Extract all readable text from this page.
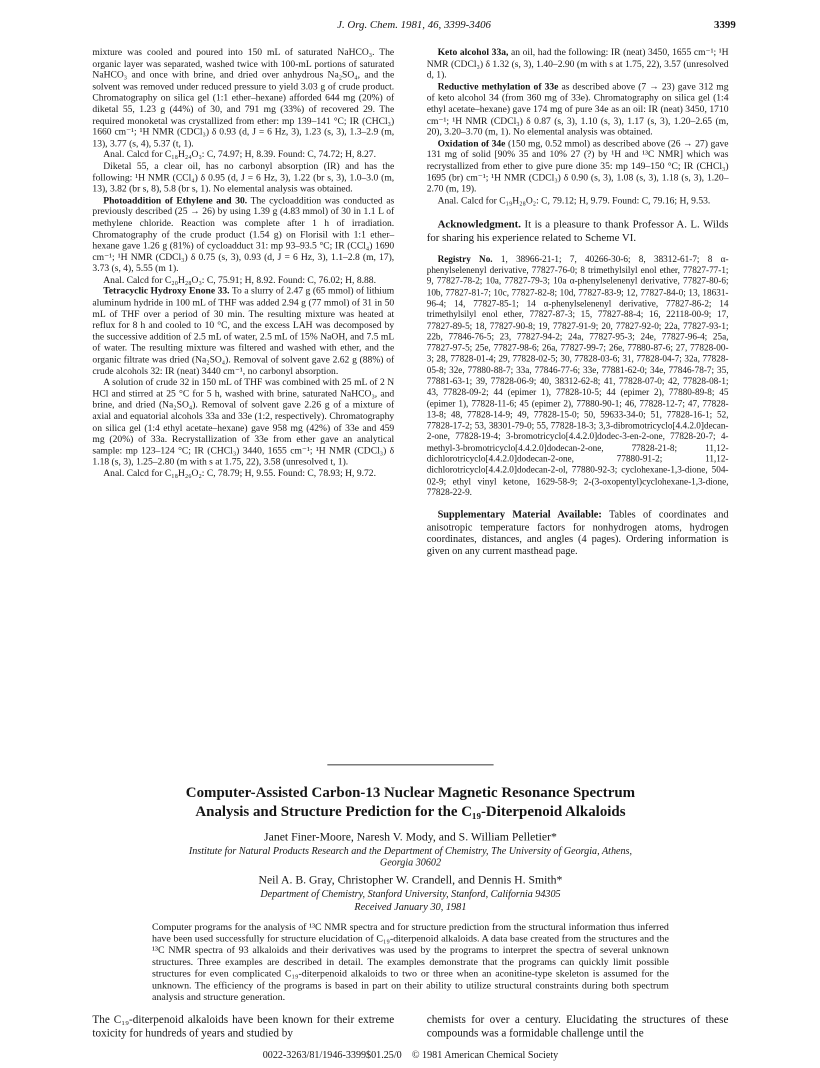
J. Org. Chem. 1981, 46, 3399-3406	3399

mixture was cooled and poured into 150 mL of saturated NaHCO₃. The organic layer was separated, washed twice with 100-mL portions of saturated NaHCO₃ and once with brine, and dried over anhydrous Na₂SO₄, and the solvent was removed under reduced pressure to yield 3.03 g of crude product. Chromatography on silica gel (1:1 ether–hexane) afforded 644 mg (20%) of diketal 55, 1.23 g (44%) of 30, and 791 mg (33%) of recovered 29. The required monoketal was crystallized from ether: mp 139–141 °C; IR (CHCl₃) 1660 cm⁻¹; ¹H NMR (CDCl₃) δ 0.93 (d, J = 6 Hz, 3), 1.23 (s, 3), 1.3–2.9 (m, 13), 3.77 (s, 4), 5.37 (t, 1).

Anal. Calcd for C₁₈H₂₄O₃: C, 74.97; H, 8.39. Found: C, 74.72; H, 8.27.

Diketal 55, a clear oil, has no carbonyl absorption (IR) and has the following: ¹H NMR (CCl₄) δ 0.95 (d, J = 6 Hz, 3), 1.22 (br s, 3), 1.0–3.0 (m, 13), 3.82 (br s, 8), 5.8 (br s, 1). No elemental analysis was obtained.

Photoaddition of Ethylene and 30. The cycloaddition was conducted as previously described (25 → 26) by using 1.39 g (4.83 mmol) of 30 in 1.1 L of methylene chloride. Reaction was complete after 1 h of irradiation. Chromatography of the crude product (1.54 g) on Florisil with 1:1 ether–hexane gave 1.26 g (81%) of cycloadduct 31: mp 93–93.5 °C; IR (CCl₄) 1690 cm⁻¹; ¹H NMR (CDCl₃) δ 0.75 (s, 3), 0.93 (d, J = 6 Hz, 3), 1.1–2.8 (m, 17), 3.73 (s, 4), 5.55 (m 1).

Anal. Calcd for C₂₀H₂₈O₃: C, 75.91; H, 8.92. Found: C, 76.02; H, 8.88.

Tetracyclic Hydroxy Enone 33. To a slurry of 2.47 g (65 mmol) of lithium aluminum hydride in 100 mL of THF was added 2.94 g (77 mmol) of 31 in 50 mL of THF over a period of 30 min. The resulting mixture was heated at reflux for 8 h and cooled to 10 °C, and the excess LAH was decomposed by the successive addition of 2.5 mL of water, 2.5 mL of 15% NaOH, and 7.5 mL of water. The resulting mixture was filtered and washed with ether, and the organic filtrate was dried (Na₂SO₄). Removal of solvent gave 2.62 g (88%) of crude alcohols 32: IR (neat) 3440 cm⁻¹, no carbonyl absorption.

A solution of crude 32 in 150 mL of THF was combined with 25 mL of 2 N HCl and stirred at 25 °C for 5 h, washed with brine, saturated NaHCO₃, and brine, and dried (Na₂SO₄). Removal of solvent gave 2.26 g of a mixture of axial and equatorial alcohols 33a and 33e (1:2, respectively). Chromatography on silica gel (1:4 ethyl acetate–hexane) gave 958 mg (42%) of 33e and 459 mg (20%) of 33a. Recrystallization of 33e from ether gave an analytical sample: mp 123–124 °C; IR (CHCl₃) 3440, 1655 cm⁻¹; ¹H NMR (CDCl₃) δ 1.18 (s, 3), 1.25–2.80 (m with s at 1.75, 22), 3.58 (unresolved t, 1).

Anal. Calcd for C₁₈H₂₆O₂: C, 78.79; H, 9.55. Found: C, 78.93; H, 9.72.

Keto alcohol 33a, an oil, had the following: IR (neat) 3450, 1655 cm⁻¹; ¹H NMR (CDCl₃) δ 1.32 (s, 3), 1.40–2.90 (m with s at 1.75, 22), 3.57 (unresolved d, 1).

Reductive methylation of 33e as described above (7 → 23) gave 312 mg of keto alcohol 34 (from 360 mg of 33e). Chromatography on silica gel (1:4 ethyl acetate–hexane) gave 174 mg of pure 34e as an oil: IR (neat) 3450, 1710 cm⁻¹; ¹H NMR (CDCl₃) δ 0.87 (s, 3), 1.10 (s, 3), 1.17 (s, 3), 1.20–2.65 (m, 20), 3.20–3.70 (m, 1). No elemental analysis was obtained.

Oxidation of 34e (150 mg, 0.52 mmol) as described above (26 → 27) gave 131 mg of solid [90% 35 and 10% 27 (?) by ¹H and ¹³C NMR] which was recrystallized from ether to give pure dione 35: mp 149–150 °C; IR (CHCl₃) 1695 (br) cm⁻¹; ¹H NMR (CDCl₃) δ 0.90 (s, 3), 1.08 (s, 3), 1.18 (s, 3), 1.20–2.70 (m, 19).

Anal. Calcd for C₁₉H₂₈O₂: C, 79.12; H, 9.79. Found: C, 79.16; H, 9.53.

Acknowledgment. It is a pleasure to thank Professor A. L. Wilds for sharing his experience related to Scheme VI.

Registry No. 1, 38966-21-1; 7, 40266-30-6; 8, 38312-61-7; 8 α-phenylselenenyl derivative, 77827-76-0; 8 trimethylsilyl enol ether, 77827-77-1; 9, 77827-78-2; 10a, 77827-79-3; 10a α-phenylselenenyl derivative, 77827-80-6; 10b, 77827-81-7; 10c, 77827-82-8; 10d, 77827-83-9; 12, 77827-84-0; 13, 18631-96-4; 14, 77827-85-1; 14 α-phenylselenenyl derivative, 77827-86-2; 14 trimethylsilyl enol ether, 77827-87-3; 15, 77827-88-4; 16, 22118-00-9; 17, 77827-89-5; 18, 77827-90-8; 19, 77827-91-9; 20, 77827-92-0; 22a, 77827-93-1; 22b, 77846-76-5; 23, 77827-94-2; 24a, 77827-95-3; 24e, 77827-96-4; 25a, 77827-97-5; 25e, 77827-98-6; 26a, 77827-99-7; 26e, 77880-87-6; 27, 77828-00-3; 28, 77828-01-4; 29, 77828-02-5; 30, 77828-03-6; 31, 77828-04-7; 32a, 77828-05-8; 32e, 77880-88-7; 33a, 77846-77-6; 33e, 77881-62-0; 34e, 77846-78-7; 35, 77881-63-1; 39, 77828-06-9; 40, 38312-62-8; 41, 77828-07-0; 42, 77828-08-1; 43, 77828-09-2; 44 (epimer 1), 77828-10-5; 44 (epimer 2), 77880-89-8; 45 (epimer 1), 77828-11-6; 45 (epimer 2), 77880-90-1; 46, 77828-12-7; 47, 77828-13-8; 48, 77828-14-9; 49, 77828-15-0; 50, 59633-34-0; 51, 77828-16-1; 52, 77828-17-2; 53, 38301-79-0; 55, 77828-18-3; 3,3-dibromotricyclo[4.4.2.0]decan-2-one, 77828-19-4; 3-bromotricyclo[4.4.2.0]dodec-3-en-2-one, 77828-20-7; 4-methyl-3-bromotricyclo[4.4.2.0]dodecan-2-one, 77828-21-8; 11,12-dichlorotricyclo[4.4.2.0]dodecan-2-one, 77880-91-2; 11,12-dichlorotricyclo[4.4.2.0]dodecan-2-ol, 77880-92-3; cyclohexane-1,3-dione, 504-02-9; ethyl vinyl ketone, 1629-58-9; 2-(3-oxopentyl)cyclohexane-1,3-dione, 77828-22-9.

Supplementary Material Available: Tables of coordinates and anisotropic temperature factors for nonhydrogen atoms, hydrogen coordinates, distances, and angles (4 pages). Ordering information is given on any current masthead page.

Computer-Assisted Carbon-13 Nuclear Magnetic Resonance Spectrum
Analysis and Structure Prediction for the C₁₉-Diterpenoid Alkaloids
Janet Finer-Moore, Naresh V. Mody, and S. William Pelletier*
Institute for Natural Products Research and the Department of Chemistry, The University of Georgia, Athens,
Georgia 30602
Neil A. B. Gray, Christopher W. Crandell, and Dennis H. Smith*
Department of Chemistry, Stanford University, Stanford, California 94305
Received January 30, 1981
Computer programs for the analysis of ¹³C NMR spectra and for structure prediction from the structural information thus inferred have been used successfully for structure elucidation of C₁₉-diterpenoid alkaloids. A data base created from the structures and the ¹³C NMR spectra of 93 alkaloids and their derivatives was used by the programs to interpret the spectra of several unknown structures. Three examples are described in detail. The examples demonstrate that the programs can quickly limit possible structures for even complicated C₁₉-diterpenoid alkaloids to two or three when an aconitine-type skeleton is assumed for the unknown. The efficiency of the programs is based in part on their ability to utilize structural constraints during both spectrum analysis and structure generation.
The C₁₉-diterpenoid alkaloids have been known for their extreme toxicity for hundreds of years and studied by
chemists for over a century. Elucidating the structures of these compounds was a formidable challenge until the
0022-3263/81/1946-3399$01.25/0 © 1981 American Chemical Society
